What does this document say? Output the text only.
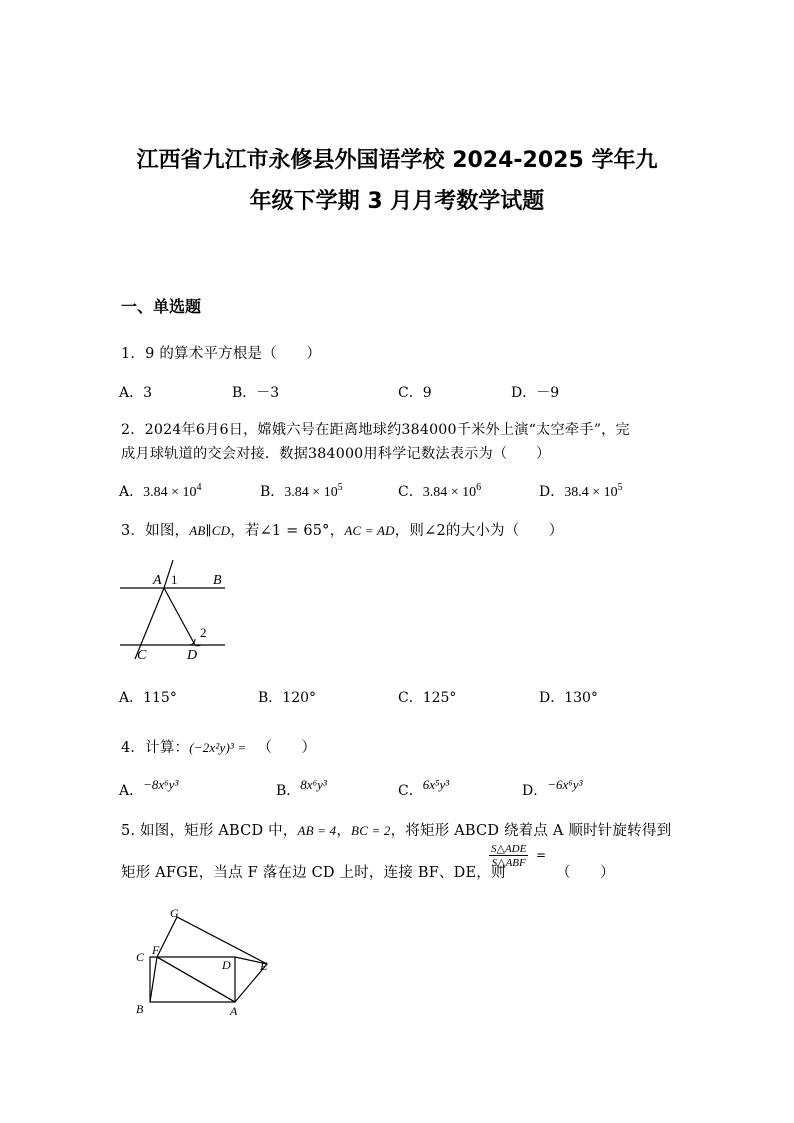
江西省九江市永修县外国语学校 2024-2025 学年九
年级下学期 3 月月考数学试题
一、单选题
1．9 的算术平方根是（　　）
A．3	B．－3	C．9	D．－9
2．2024年6月6日，嫦娥六号在距离地球约384000千米外上演“太空牵手”，完
成月球轨道的交会对接．数据384000用科学记数法表示为（　　）
A．$3.84 \times 10^4$	B．$3.84 \times 10^5$	C．$3.84 \times 10^6$	D．$38.4 \times 10^5$
3．如图，AB∥CD，若∠1 = 65°，AC = AD，则∠2的大小为（　　）
A 1	B
2
C	D
A．115°	B．120°	C．125°	D．130°
4．计算：(−2x²y)³ = （　　）
A．−8x⁶y³	B．8x⁶y³	C．6x⁵y³	D．−6x⁶y³
5. 如图，矩形 ABCD 中，AB = 4，BC = 2，将矩形 ABCD 绕着点 A 顺时针旋转得到
矩形 AFGE，当点 F 落在边 CD 上时，连接 BF、DE，则
S△ADE
S△ABF
=
（　　）
G
C F
D E
B	A
